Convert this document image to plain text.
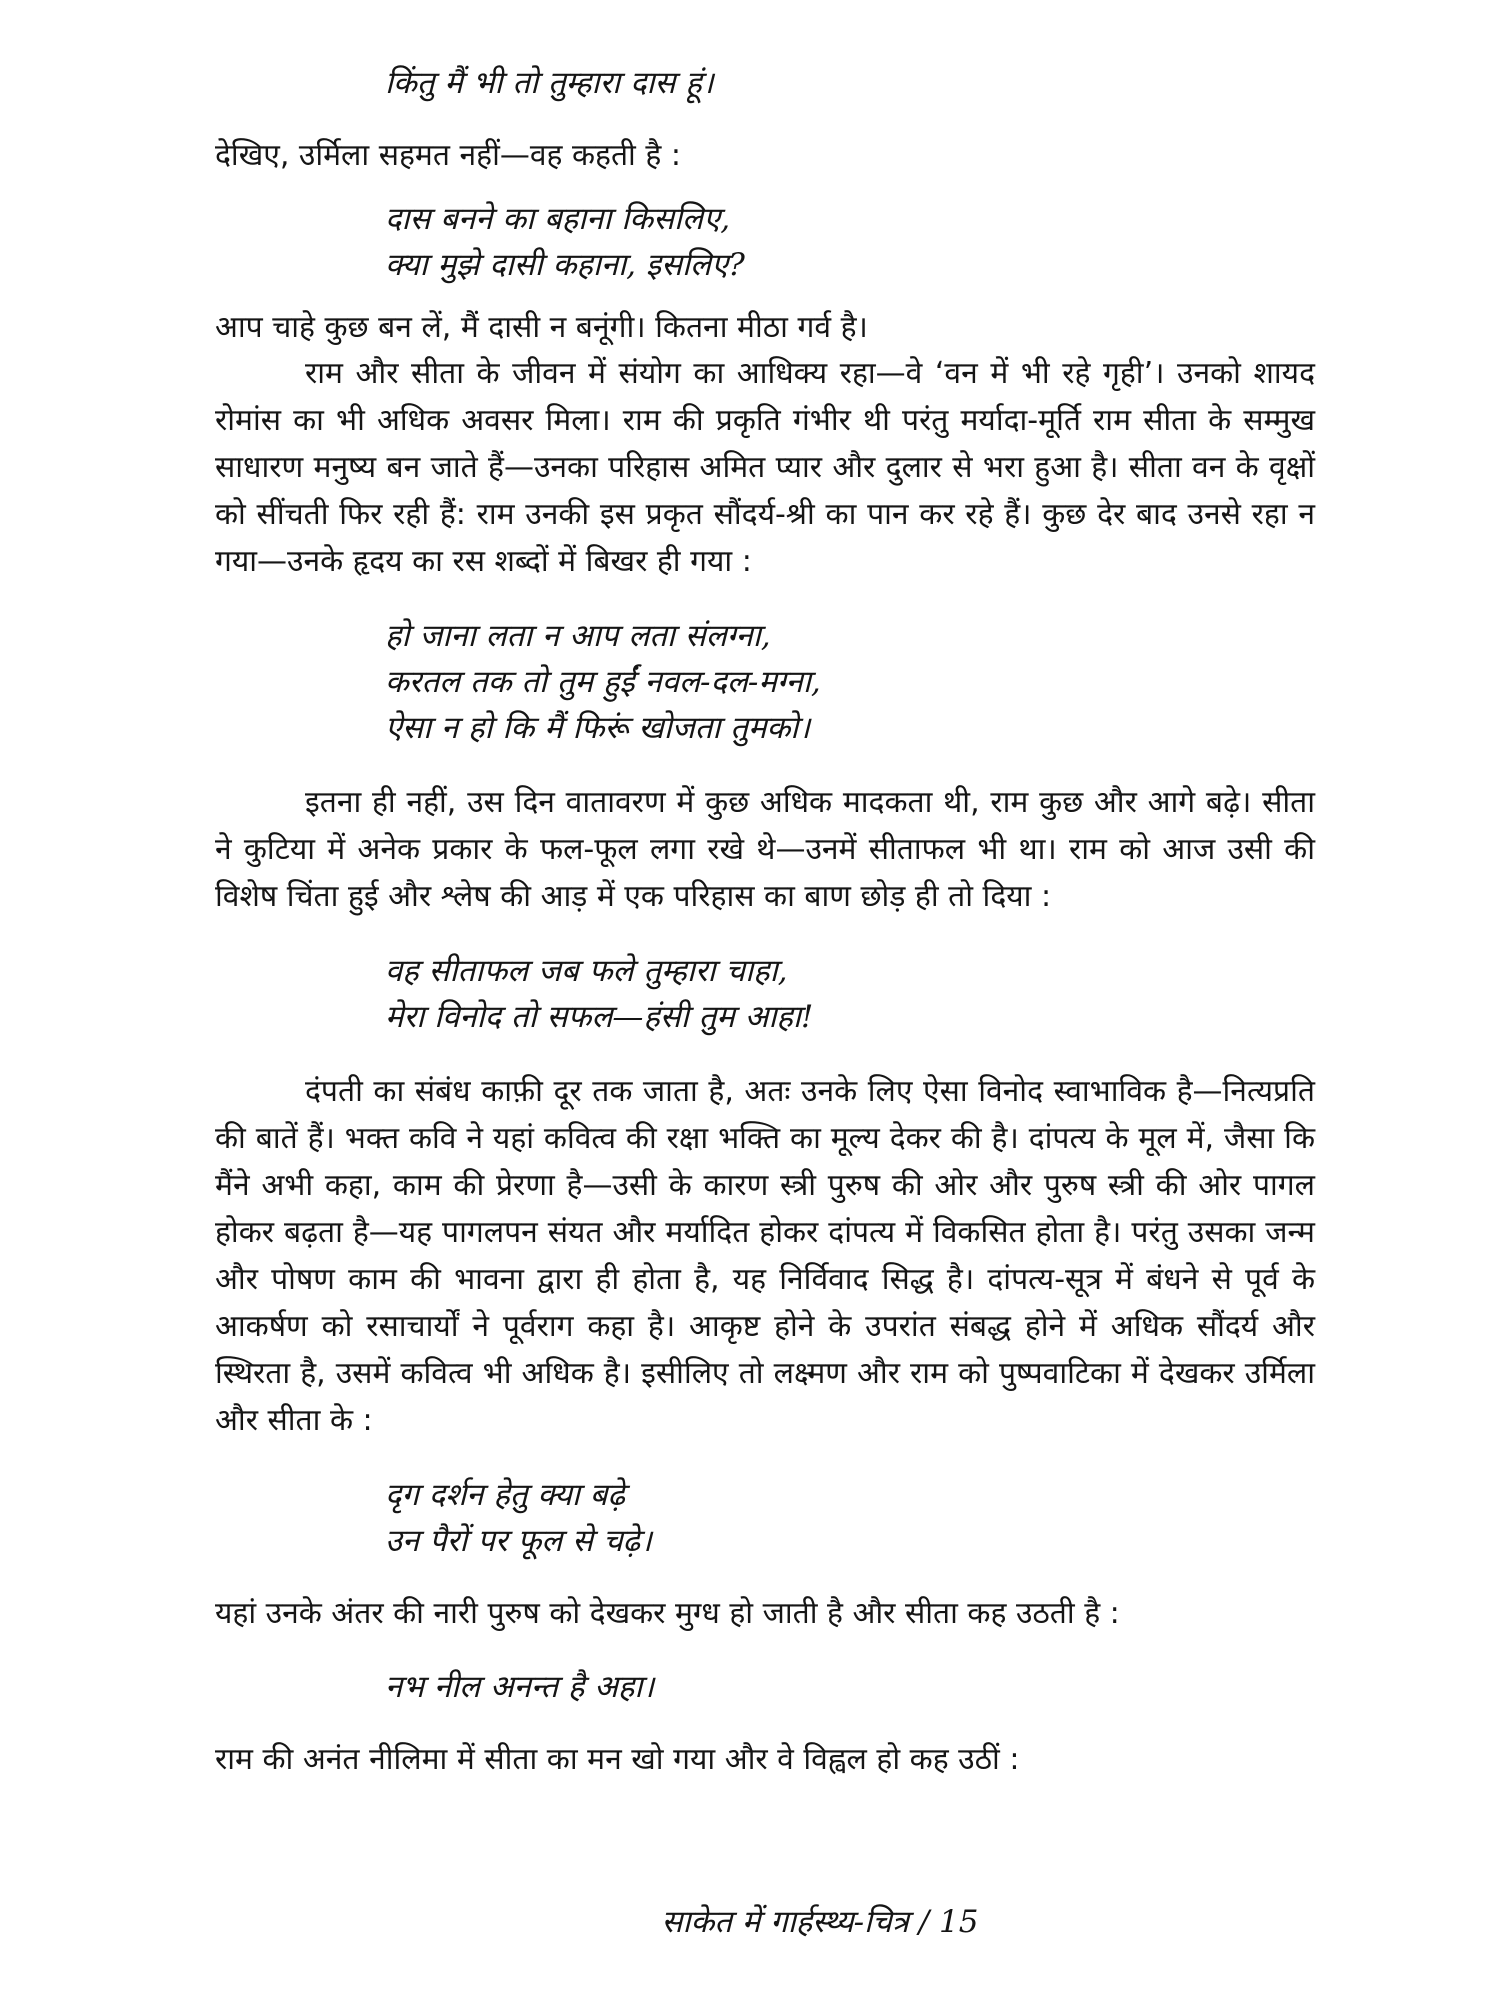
किंतु मैं भी तो तुम्हारा दास हूं।

देखिए, उर्मिला सहमत नहीं—वह कहती है :

दास बनने का बहाना किसलिए,
क्या मुझे दासी कहाना, इसलिए?

आप चाहे कुछ बन लें, मैं दासी न बनूंगी। कितना मीठा गर्व है।

राम और सीता के जीवन में संयोग का आधिक्य रहा—वे ‘वन में भी रहे गृही’। उनको शायद रोमांस का भी अधिक अवसर मिला। राम की प्रकृति गंभीर थी परंतु मर्यादा-मूर्ति राम सीता के सम्मुख साधारण मनुष्य बन जाते हैं—उनका परिहास अमित प्यार और दुलार से भरा हुआ है। सीता वन के वृक्षों को सींचती फिर रही हैं: राम उनकी इस प्रकृत सौंदर्य-श्री का पान कर रहे हैं। कुछ देर बाद उनसे रहा न गया—उनके हृदय का रस शब्दों में बिखर ही गया :

हो जाना लता न आप लता संलग्ना,
करतल तक तो तुम हुईं नवल-दल-मग्ना,
ऐसा न हो कि मैं फिरूं खोजता तुमको।

इतना ही नहीं, उस दिन वातावरण में कुछ अधिक मादकता थी, राम कुछ और आगे बढ़े। सीता ने कुटिया में अनेक प्रकार के फल-फूल लगा रखे थे—उनमें सीताफल भी था। राम को आज उसी की विशेष चिंता हुई और श्लेष की आड़ में एक परिहास का बाण छोड़ ही तो दिया :

वह सीताफल जब फले तुम्हारा चाहा,
मेरा विनोद तो सफल—हंसी तुम आहा!

दंपती का संबंध काफ़ी दूर तक जाता है, अतः उनके लिए ऐसा विनोद स्वाभाविक है—नित्यप्रति की बातें हैं। भक्त कवि ने यहां कवित्व की रक्षा भक्ति का मूल्य देकर की है। दांपत्य के मूल में, जैसा कि मैंने अभी कहा, काम की प्रेरणा है—उसी के कारण स्त्री पुरुष की ओर और पुरुष स्त्री की ओर पागल होकर बढ़ता है—यह पागलपन संयत और मर्यादित होकर दांपत्य में विकसित होता है। परंतु उसका जन्म और पोषण काम की भावना द्वारा ही होता है, यह निर्विवाद सिद्ध है। दांपत्य-सूत्र में बंधने से पूर्व के आकर्षण को रसाचार्यों ने पूर्वराग कहा है। आकृष्ट होने के उपरांत संबद्ध होने में अधिक सौंदर्य और स्थिरता है, उसमें कवित्व भी अधिक है। इसीलिए तो लक्ष्मण और राम को पुष्पवाटिका में देखकर उर्मिला और सीता के :

दृग दर्शन हेतु क्या बढ़े
उन पैरों पर फूल से चढ़े।

यहां उनके अंतर की नारी पुरुष को देखकर मुग्ध हो जाती है और सीता कह उठती है :

नभ नील अनन्त है अहा।

राम की अनंत नीलिमा में सीता का मन खो गया और वे विह्वल हो कह उठीं :

साकेत में गार्हस्थ्य-चित्र / 15
